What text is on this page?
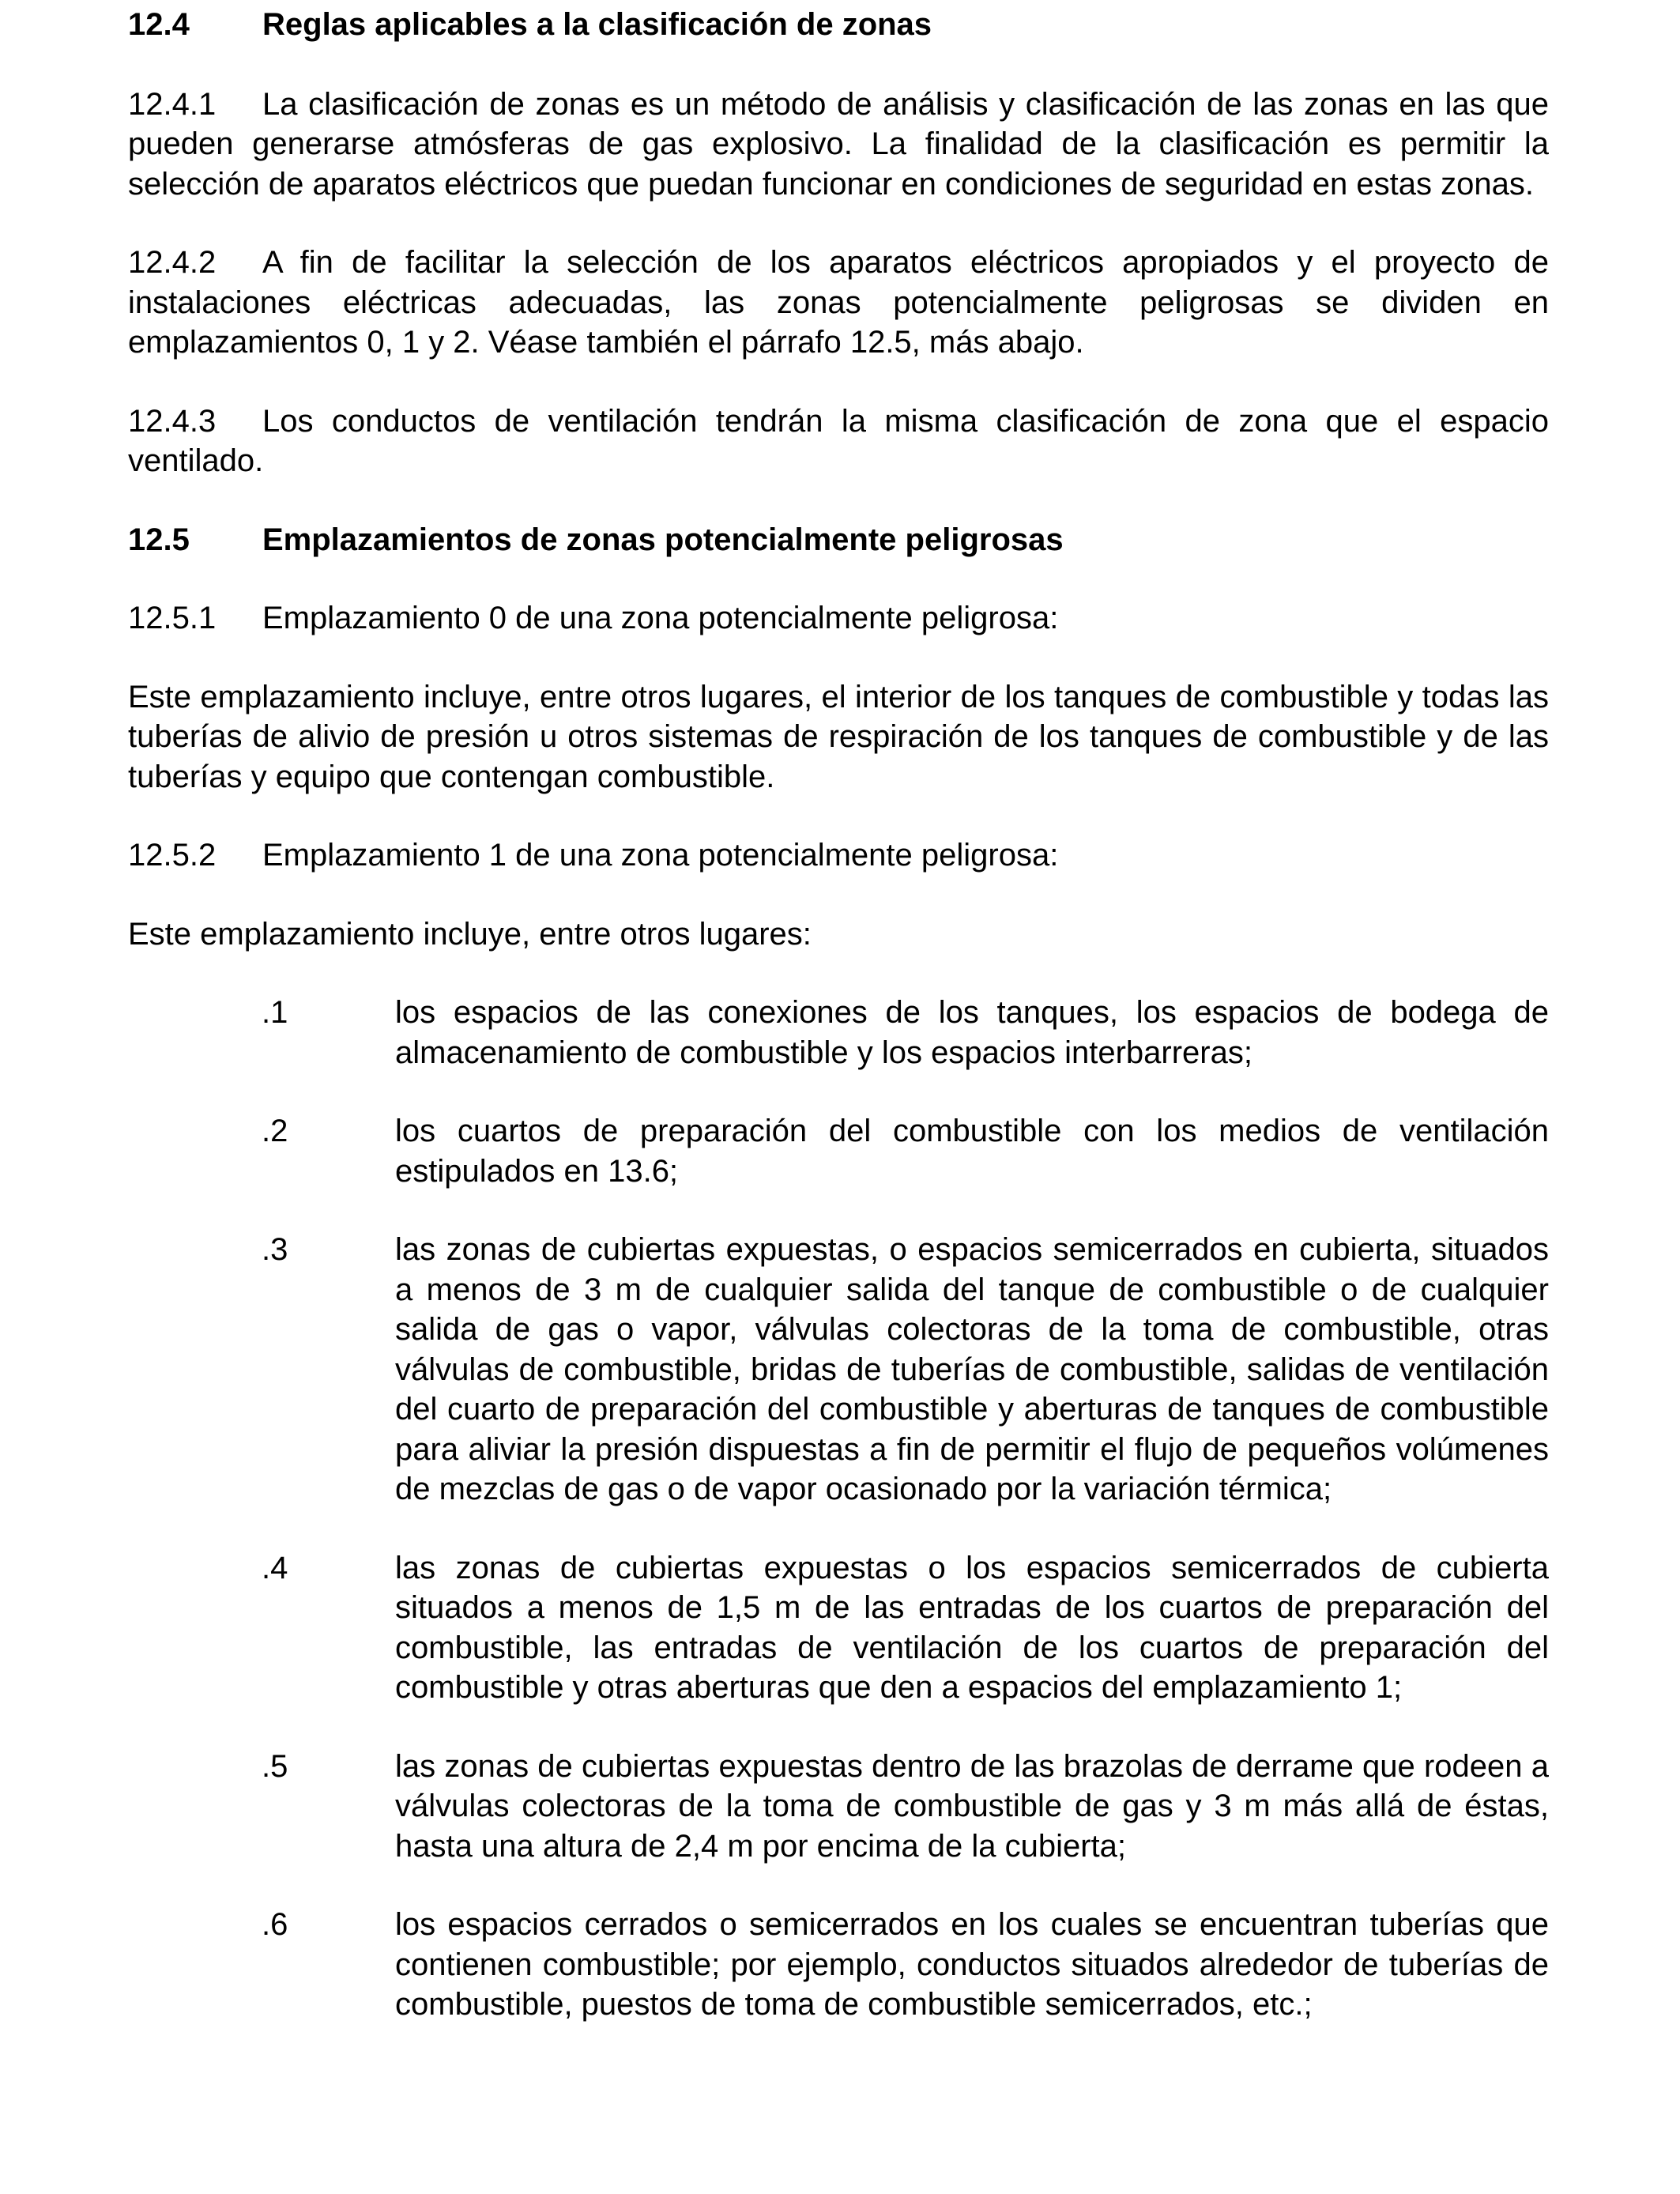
12.4	Reglas aplicables a la clasificación de zonas

12.4.1 La clasificación de zonas es un método de análisis y clasificación de las zonas en las que pueden generarse atmósferas de gas explosivo. La finalidad de la clasificación es permitir la selección de aparatos eléctricos que puedan funcionar en condiciones de seguridad en estas zonas.

12.4.2 A fin de facilitar la selección de los aparatos eléctricos apropiados y el proyecto de instalaciones eléctricas adecuadas, las zonas potencialmente peligrosas se dividen en emplazamientos 0, 1 y 2. Véase también el párrafo 12.5, más abajo.

12.4.3 Los conductos de ventilación tendrán la misma clasificación de zona que el espacio ventilado.

12.5	Emplazamientos de zonas potencialmente peligrosas
12.5.1	Emplazamiento 0 de una zona potencialmente peligrosa:

Este emplazamiento incluye, entre otros lugares, el interior de los tanques de combustible y todas las tuberías de alivio de presión u otros sistemas de respiración de los tanques de combustible y de las tuberías y equipo que contengan combustible.

12.5.2	Emplazamiento 1 de una zona potencialmente peligrosa:

Este emplazamiento incluye, entre otros lugares:

.1	los espacios de las conexiones de los tanques, los espacios de bodega de almacenamiento de combustible y los espacios interbarreras;
.2	los cuartos de preparación del combustible con los medios de ventilación estipulados en 13.6;
.3	las zonas de cubiertas expuestas, o espacios semicerrados en cubierta, situados a menos de 3 m de cualquier salida del tanque de combustible o de cualquier salida de gas o vapor, válvulas colectoras de la toma de combustible, otras válvulas de combustible, bridas de tuberías de combustible, salidas de ventilación del cuarto de preparación del combustible y aberturas de tanques de combustible para aliviar la presión dispuestas a fin de permitir el flujo de pequeños volúmenes de mezclas de gas o de vapor ocasionado por la variación térmica;
.4	las zonas de cubiertas expuestas o los espacios semicerrados de cubierta situados a menos de 1,5 m de las entradas de los cuartos de preparación del combustible, las entradas de ventilación de los cuartos de preparación del combustible y otras aberturas que den a espacios del emplazamiento 1;
.5	las zonas de cubiertas expuestas dentro de las brazolas de derrame que rodeen a válvulas colectoras de la toma de combustible de gas y 3 m más allá de éstas, hasta una altura de 2,4 m por encima de la cubierta;
.6	los espacios cerrados o semicerrados en los cuales se encuentran tuberías que contienen combustible; por ejemplo, conductos situados alrededor de tuberías de combustible, puestos de toma de combustible semicerrados, etc.;
